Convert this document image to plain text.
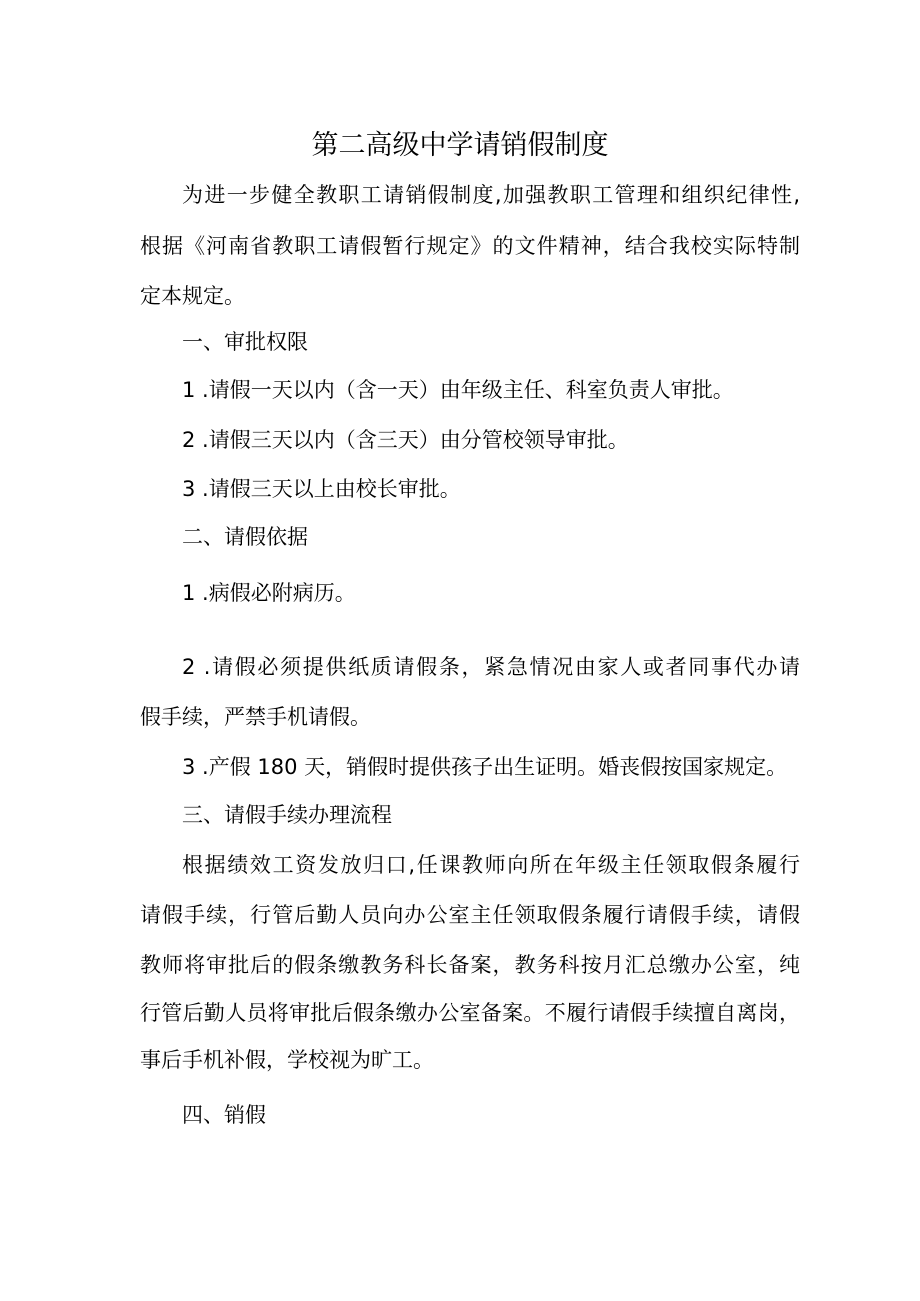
第二高级中学请销假制度
为进一步健全教职工请销假制度,加强教职工管理和组织纪律性,
根据《河南省教职工请假暂行规定》的文件精神，结合我校实际特制
定本规定。
一、审批权限
1 .请假一天以内（含一天）由年级主任、科室负责人审批。
2 .请假三天以内（含三天）由分管校领导审批。
3 .请假三天以上由校长审批。
二、请假依据
1 .病假必附病历。
2 .请假必须提供纸质请假条，紧急情况由家人或者同事代办请
假手续，严禁手机请假。
3 .产假 180 天，销假时提供孩子出生证明。婚丧假按国家规定。
三、请假手续办理流程
根据绩效工资发放归口,任课教师向所在年级主任领取假条履行
请假手续，行管后勤人员向办公室主任领取假条履行请假手续，请假
教师将审批后的假条缴教务科长备案，教务科按月汇总缴办公室，纯
行管后勤人员将审批后假条缴办公室备案。不履行请假手续擅自离岗，
事后手机补假，学校视为旷工。
四、销假
